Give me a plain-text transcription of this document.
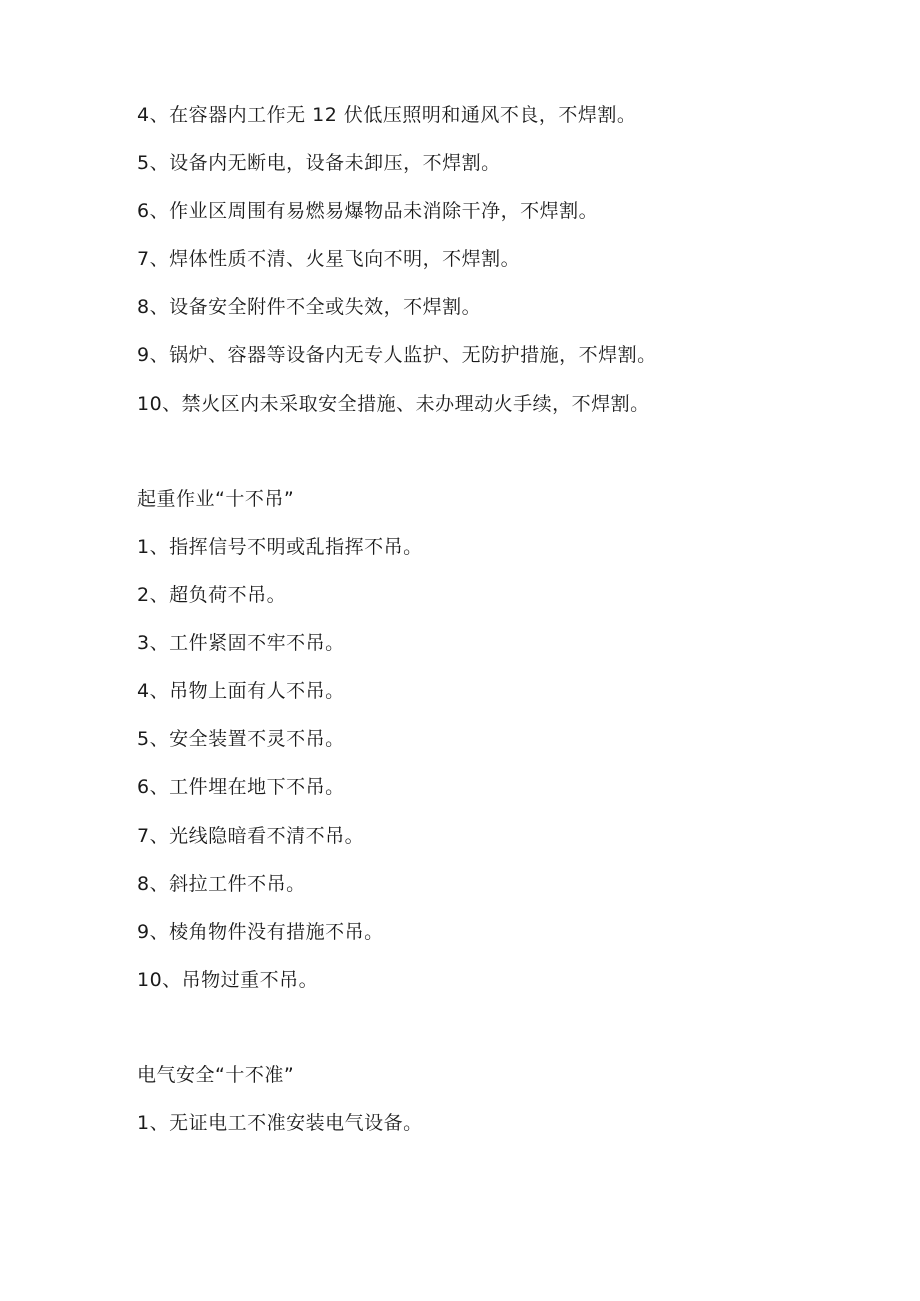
4、在容器内工作无 12 伏低压照明和通风不良，不焊割。
5、设备内无断电，设备未卸压，不焊割。
6、作业区周围有易燃易爆物品未消除干净，不焊割。
7、焊体性质不清、火星飞向不明，不焊割。
8、设备安全附件不全或失效，不焊割。
9、锅炉、容器等设备内无专人监护、无防护措施，不焊割。
10、禁火区内未采取安全措施、未办理动火手续，不焊割。
起重作业“十不吊”
1、指挥信号不明或乱指挥不吊。
2、超负荷不吊。
3、工件紧固不牢不吊。
4、吊物上面有人不吊。
5、安全装置不灵不吊。
6、工件埋在地下不吊。
7、光线隐暗看不清不吊。
8、斜拉工件不吊。
9、棱角物件没有措施不吊。
10、吊物过重不吊。
电气安全“十不准”
1、无证电工不准安装电气设备。
